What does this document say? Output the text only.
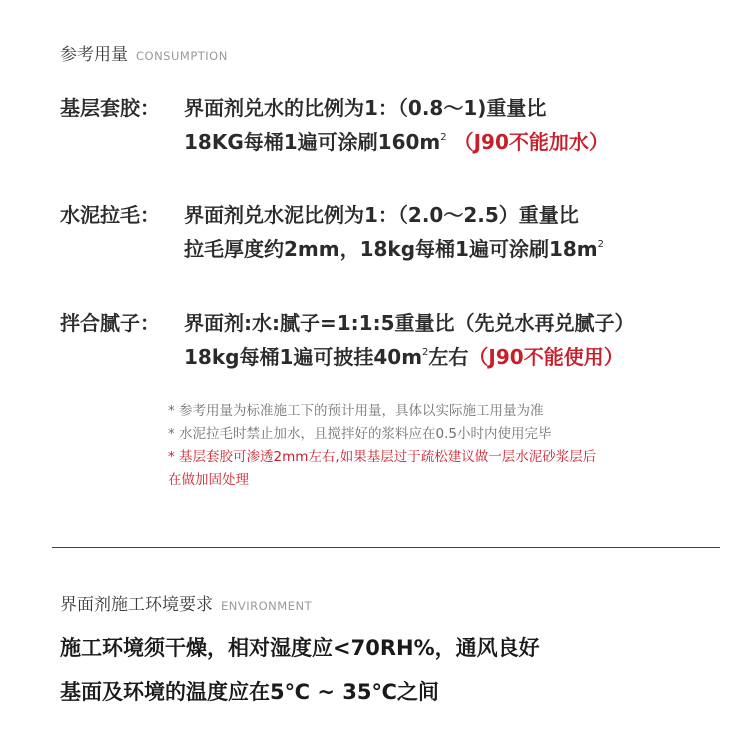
参考用量 CONSUMPTION
基层套胶： 界面剂兑水的比例为1：（0.8～1)重量比
18KG每桶1遍可涂刷$160m^2$ （J90不能加水）
水泥拉毛： 界面剂兑水泥比例为1：（2.0～2.5）重量比
拉毛厚度约2mm，18kg每桶1遍可涂刷$18m^2$
拌合腻子： 界面剂:水:腻子=1:1:5重量比（先兑水再兑腻子）
18kg每桶1遍可披挂$40m^2$左右（J90不能使用）
* 参考用量为标准施工下的预计用量，具体以实际施工用量为准
* 水泥拉毛时禁止加水，且搅拌好的浆料应在0.5小时内使用完毕
* 基层套胶可渗透2mm左右,如果基层过于疏松建议做一层水泥砂浆层后
在做加固处理
界面剂施工环境要求 ENVIRONMENT
施工环境须干燥，相对湿度应<70RH%，通风良好
基面及环境的温度应在5℃ ~ 35℃之间
